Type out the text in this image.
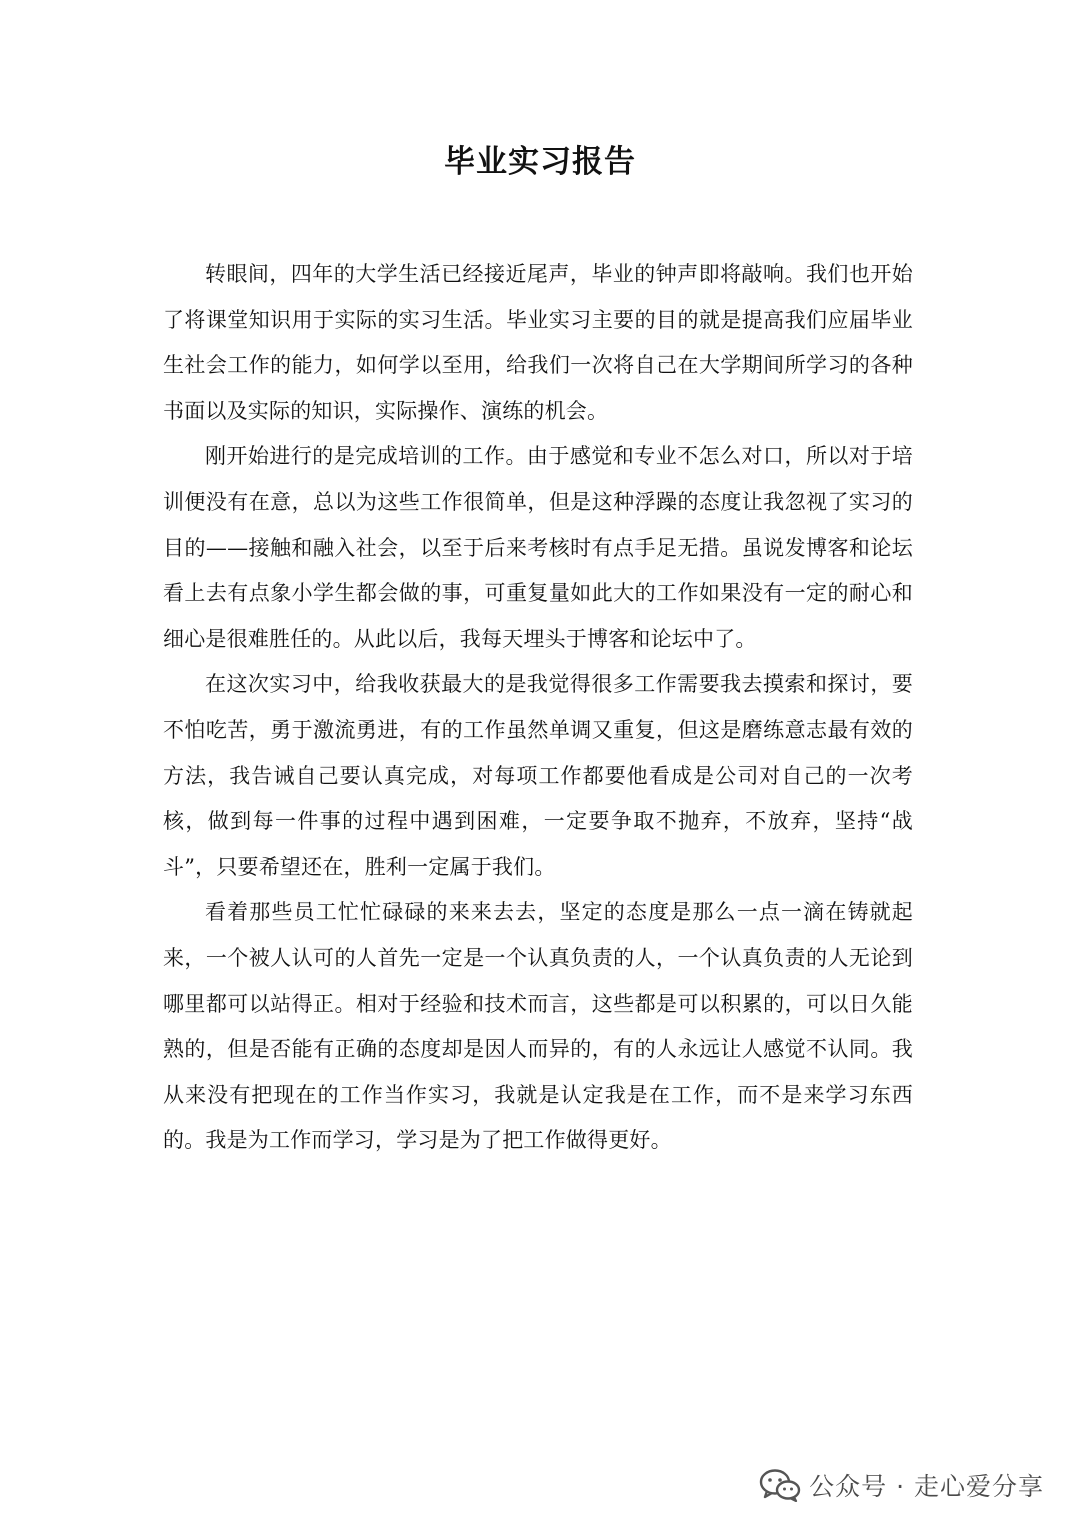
毕业实习报告

转眼间，四年的大学生活已经接近尾声，毕业的钟声即将敲响。我们也开始了将课堂知识用于实际的实习生活。毕业实习主要的目的就是提高我们应届毕业生社会工作的能力，如何学以至用，给我们一次将自己在大学期间所学习的各种书面以及实际的知识，实际操作、演练的机会。

刚开始进行的是完成培训的工作。由于感觉和专业不怎么对口，所以对于培训便没有在意，总以为这些工作很简单，但是这种浮躁的态度让我忽视了实习的目的——接触和融入社会，以至于后来考核时有点手足无措。虽说发博客和论坛看上去有点象小学生都会做的事，可重复量如此大的工作如果没有一定的耐心和细心是很难胜任的。从此以后，我每天埋头于博客和论坛中了。

在这次实习中，给我收获最大的是我觉得很多工作需要我去摸索和探讨，要不怕吃苦，勇于激流勇进，有的工作虽然单调又重复，但这是磨练意志最有效的方法，我告诫自己要认真完成，对每项工作都要他看成是公司对自己的一次考核，做到每一件事的过程中遇到困难，一定要争取不抛弃，不放弃，坚持“战斗”，只要希望还在，胜利一定属于我们。

看着那些员工忙忙碌碌的来来去去，坚定的态度是那么一点一滴在铸就起来，一个被人认可的人首先一定是一个认真负责的人，一个认真负责的人无论到哪里都可以站得正。相对于经验和技术而言，这些都是可以积累的，可以日久能熟的，但是否能有正确的态度却是因人而异的，有的人永远让人感觉不认同。我从来没有把现在的工作当作实习，我就是认定我是在工作，而不是来学习东西的。我是为工作而学习，学习是为了把工作做得更好。

公众号 · 走心爱分享
